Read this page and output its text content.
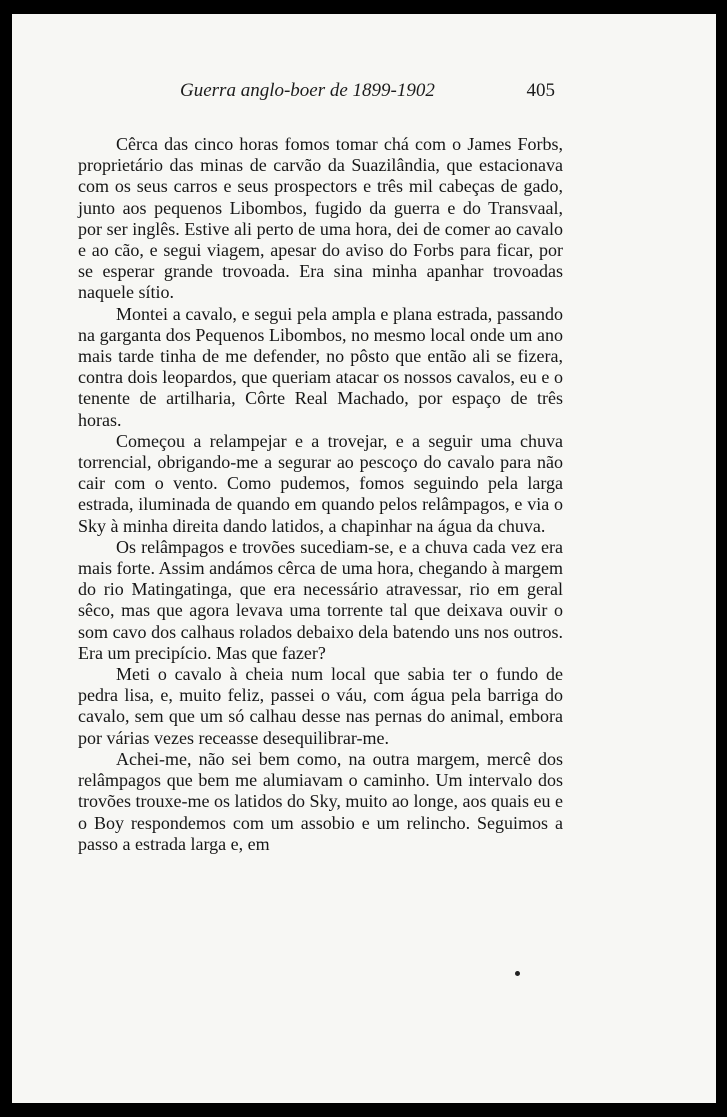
Guerra anglo-boer de 1899-1902	405

Cêrca das cinco horas fomos tomar chá com o James Forbs, proprietário das minas de carvão da Suazilândia, que estacionava com os seus carros e seus prospectors e três mil cabeças de gado, junto aos pequenos Libombos, fugido da guerra e do Transvaal, por ser inglês. Estive ali perto de uma hora, dei de comer ao cavalo e ao cão, e segui viagem, apesar do aviso do Forbs para ficar, por se esperar grande trovoada. Era sina minha apanhar trovoadas naquele sítio.

Montei a cavalo, e segui pela ampla e plana estrada, passando na garganta dos Pequenos Libombos, no mesmo local onde um ano mais tarde tinha de me defender, no pôsto que então ali se fizera, contra dois leopardos, que queriam atacar os nossos cavalos, eu e o tenente de artilharia, Côrte Real Machado, por espaço de três horas.

Começou a relampejar e a trovejar, e a seguir uma chuva torrencial, obrigando-me a segurar ao pescoço do cavalo para não cair com o vento. Como pudemos, fomos seguindo pela larga estrada, iluminada de quando em quando pelos relâmpagos, e via o Sky à minha direita dando latidos, a chapinhar na água da chuva.

Os relâmpagos e trovões sucediam-se, e a chuva cada vez era mais forte. Assim andámos cêrca de uma hora, chegando à margem do rio Matingatinga, que era necessário atravessar, rio em geral sêco, mas que agora levava uma torrente tal que deixava ouvir o som cavo dos calhaus rolados debaixo dela batendo uns nos outros. Era um precipício. Mas que fazer?

Meti o cavalo à cheia num local que sabia ter o fundo de pedra lisa, e, muito feliz, passei o váu, com água pela barriga do cavalo, sem que um só calhau desse nas pernas do animal, embora por várias vezes receasse desequilibrar-me.

Achei-me, não sei bem como, na outra margem, mercê dos relâmpagos que bem me alumiavam o caminho. Um intervalo dos trovões trouxe-me os latidos do Sky, muito ao longe, aos quais eu e o Boy respondemos com um assobio e um relincho. Seguimos a passo a estrada larga e, em
